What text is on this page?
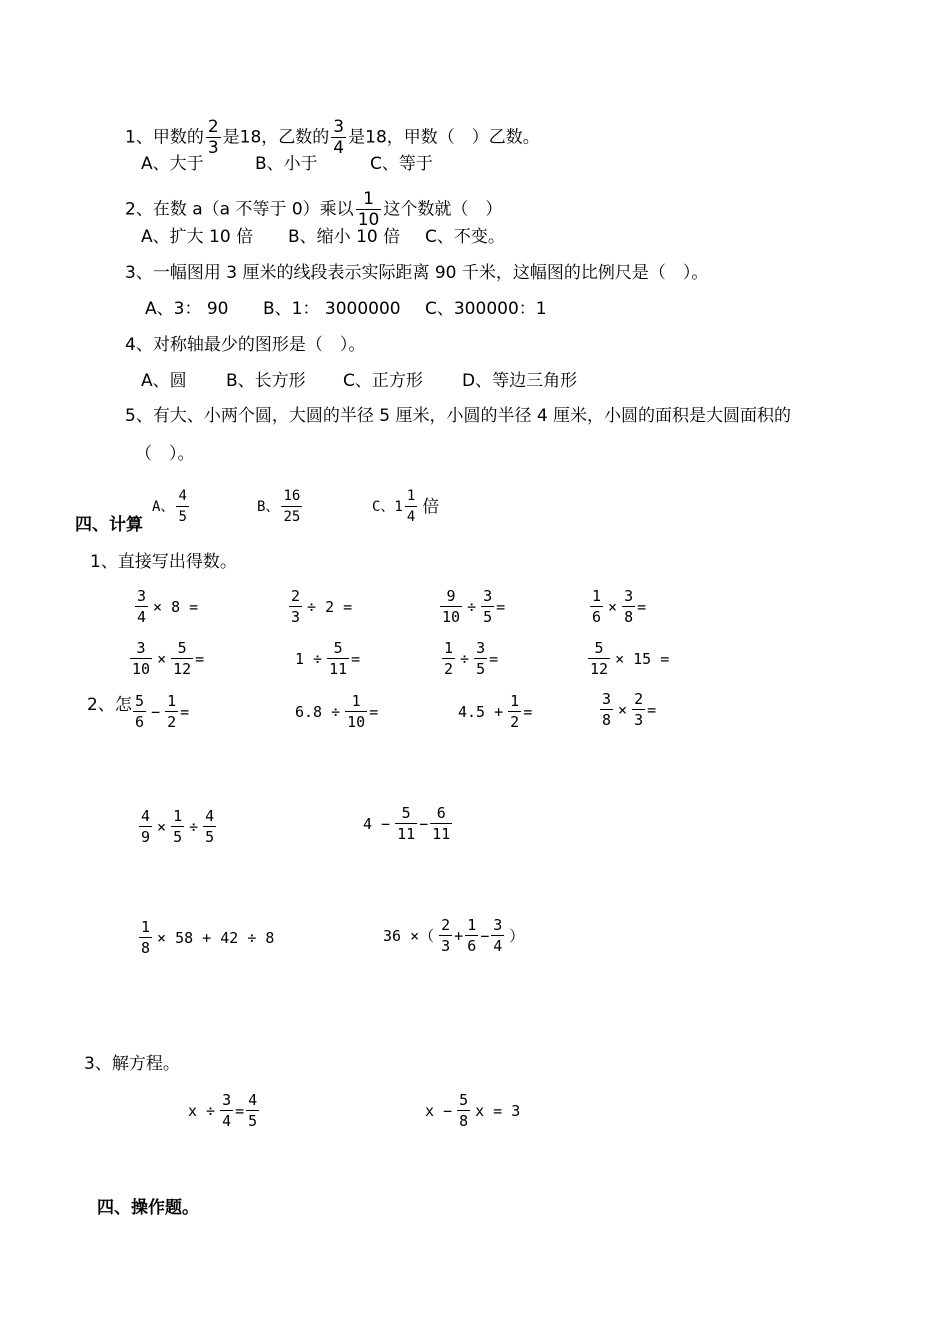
1、甲数的 $\frac{2}{3}$ 是18，乙数的 $\frac{3}{4}$ 是18，甲数（　）乙数。
A、大于	B、小于	C、等于
2、在数 a（a 不等于 0）乘以 $\frac{1}{10}$ 这个数就（　）
A、扩大 10 倍 B、缩小 10 倍 C、不变。
3、一幅图用 3 厘米的线段表示实际距离 90 千米，这幅图的比例尺是（　）。
A、3： 90 B、1： 3000000 C、300000：1
4、对称轴最少的图形是（　）。
A、圆 B、长方形 C、正方形 D、等边三角形
5、有大、小两个圆，大圆的半径 5 厘米，小圆的半径 4 厘米，小圆的面积是大圆面积的
（　）。
A、 $\frac{4}{5}$	B、 $\frac{16}{25}$	C、$1 \frac{1}{4}$ 倍
四、计算
1、直接写出得数。
$\frac{3}{4} \times 8$ =	$\frac{2}{3} \div 2$ =	$\frac{9}{10} \div \frac{3}{5}$ =	$\frac{1}{6} \times \frac{3}{8}$ =
$\frac{3}{10} \times \frac{5}{12}$ =	$1 \div \frac{5}{11}$ =	$\frac{1}{2} \div \frac{3}{5}$ =	$\frac{5}{12} \times 15$ =
2、怎 $\frac{5}{6} - \frac{1}{2}$ =	$6.8 \div \frac{1}{10}$ =	$4.5 + \frac{1}{2}$ =	$\frac{3}{8} \times \frac{2}{3}$ =
$\frac{4}{9} \times \frac{1}{5} \div \frac{4}{5}$	$4 - \frac{5}{11} - \frac{6}{11}$
$\frac{1}{8} \times 58 + 42 \div 8$	36 ×（ $\frac{2}{3} + \frac{1}{6} - \frac{3}{4}$ ）
3、解方程。
$x \div \frac{3}{4} = \frac{4}{5}$	$x - \frac{5}{8}$ x = 3
四、操作题。
